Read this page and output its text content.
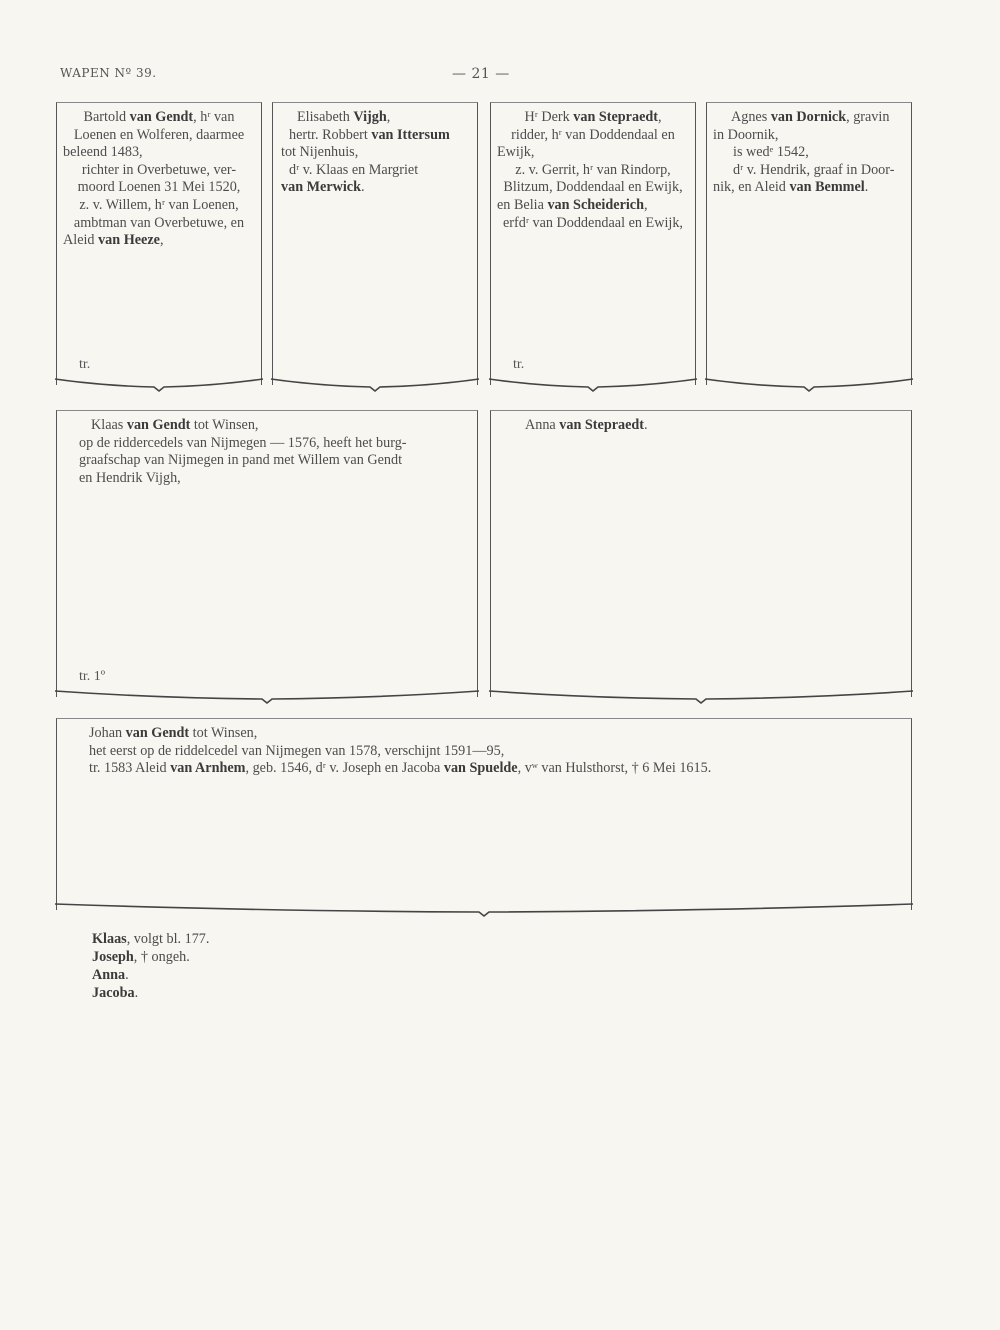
WAPEN Nº 39.	— 21 —
Bartold van Gendt, hʳ van
Loenen en Wolferen, daarmee
beleend 1483,
richter in Overbetuwe, ver-
moord Loenen 31 Mei 1520,
z. v. Willem, hʳ van Loenen,
ambtman van Overbetuwe, en
Aleid van Heeze,
tr.
Elisabeth Vijgh,
hertr. Robbert van Ittersum
tot Nijenhuis,
dʳ v. Klaas en Margriet
van Merwick.
Hʳ Derk van Stepraedt,
ridder, hʳ van Doddendaal en
Ewijk,
z. v. Gerrit, hʳ van Rindorp,
Blitzum, Doddendaal en Ewijk,
en Belia van Scheiderich,
erfdʳ van Doddendaal en Ewijk,
tr.
Agnes van Dornick, gravin
in Doornik,
is wedᵉ 1542,
dʳ v. Hendrik, graaf in Door-
nik, en Aleid van Bemmel.
Klaas van Gendt tot Winsen,
op de riddercedels van Nijmegen — 1576, heeft het burg-
graafschap van Nijmegen in pand met Willem van Gendt
en Hendrik Vijgh,
tr. 1º
Anna van Stepraedt.
Johan van Gendt tot Winsen,
het eerst op de riddelcedel van Nijmegen van 1578, verschijnt 1591—95,
tr. 1583 Aleid van Arnhem, geb. 1546, dʳ v. Joseph en Jacoba van Spuelde, vʷ van Hulsthorst, † 6 Mei 1615.
Klaas, volgt bl. 177.
Joseph, † ongeh.
Anna.
Jacoba.
